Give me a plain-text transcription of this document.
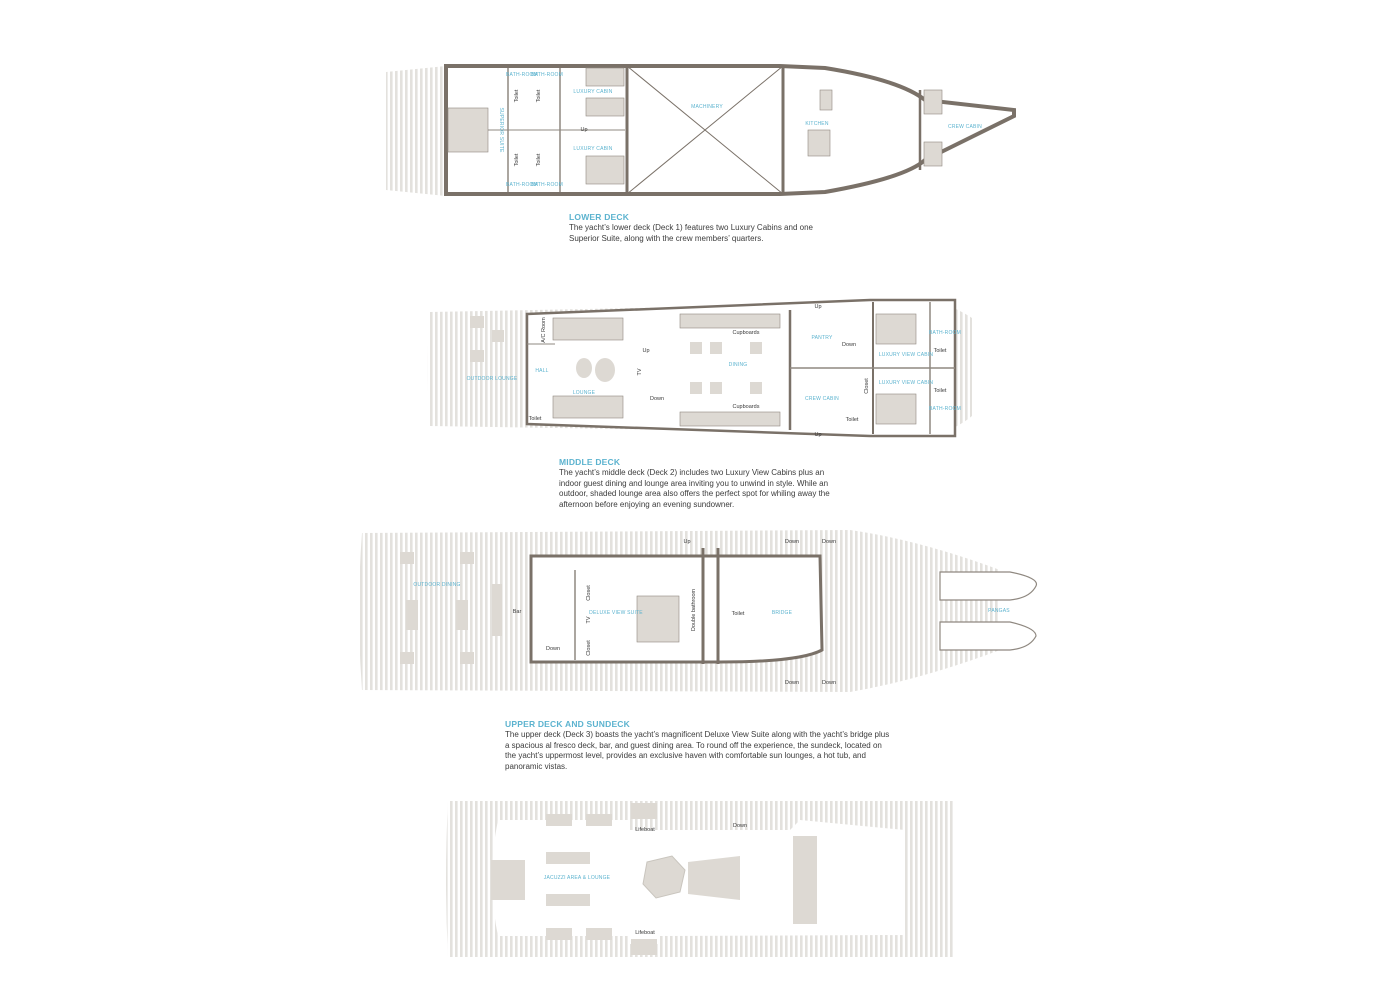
SUPERIOR SUITE
BATH-ROOM
BATH-ROOM
BATH-ROOM
BATH-ROOM
Toilet	Toilet
Toilet	Toilet
LUXURY CABIN
LUXURY CABIN
Up
MACHINERY
KITCHEN	CREW CABIN
OUTDOOR LOUNGE
A/C Room
HALL
Toilet
LOUNGE
TV
Up
Down
Cupboards
Cupboards
DINING
Up
PANTRY
Down
CREW CABIN
Toilet
Up
Closet
LUXURY VIEW CABIN
LUXURY VIEW CABIN
BATH-ROOM
BATH-ROOM
Toilet
Toilet
OUTDOOR DINING
Bar
Down
Closet
TV
Closet
DELUXE VIEW SUITE
Up
Double bathroom	Toilet	BRIDGE
Down	Down
Down	Down
PANGAS
Lifeboat
Lifeboat
Down
JACUZZI AREA & LOUNGE
LOWER DECK

The yacht’s lower deck (Deck 1) features two Luxury Cabins and one Superior Suite, along with the crew members’ quarters.

MIDDLE DECK

The yacht’s middle deck (Deck 2) includes two Luxury View Cabins plus an indoor guest dining and lounge area inviting you to unwind in style. While an outdoor, shaded lounge area also offers the perfect spot for whiling away the afternoon before enjoying an evening sundowner.

UPPER DECK AND SUNDECK

The upper deck (Deck 3) boasts the yacht’s magnificent Deluxe View Suite along with the yacht’s bridge plus a spacious al fresco deck, bar, and guest dining area. To round off the experience, the sundeck, located on the yacht’s uppermost level, provides an exclusive haven with comfortable sun lounges, a hot tub, and panoramic vistas.
